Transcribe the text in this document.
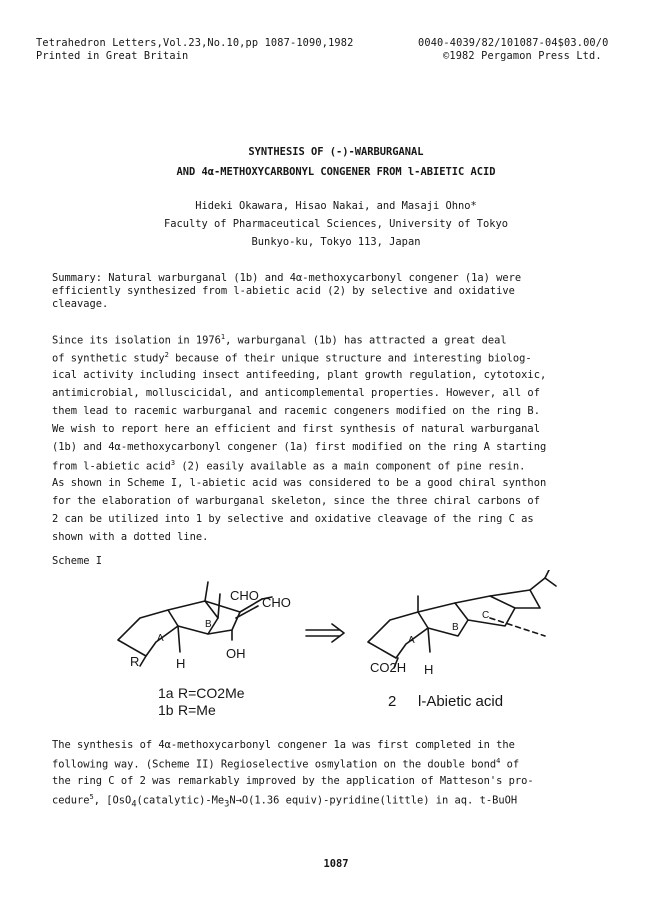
Tetrahedron Letters,Vol.23,No.10,pp 1087-1090,1982	0040-4039/82/101087-04$03.00/0
Printed in Great Britain	©1982 Pergamon Press Ltd.
SYNTHESIS OF (-)-WARBURGANAL
AND 4α-METHOXYCARBONYL CONGENER FROM l-ABIETIC ACID
Hideki Okawara, Hisao Nakai, and Masaji Ohno*
Faculty of Pharmaceutical Sciences, University of Tokyo
Bunkyo-ku, Tokyo 113, Japan
Summary: Natural warburganal (1b) and 4α-methoxycarbonyl congener (1a) were
efficiently synthesized from l-abietic acid (2) by selective and oxidative
cleavage.
Since its isolation in 1976$^1$, warburganal (1b) has attracted a great deal
of synthetic study$^2$ because of their unique structure and interesting biolog-
ical activity including insect antifeeding, plant growth regulation, cytotoxic,
antimicrobial, molluscicidal, and anticomplemental properties. However, all of
them lead to racemic warburganal and racemic congeners modified on the ring B.
We wish to report here an efficient and first synthesis of natural warburganal
(1b) and 4α-methoxycarbonyl congener (1a) first modified on the ring A starting
from l-abietic acid$^3$ (2) easily available as a main component of pine resin.
As shown in Scheme I, l-abietic acid was considered to be a good chiral synthon
for the elaboration of warburganal skeleton, since the three chiral carbons of
2 can be utilized into 1 by selective and oxidative cleavage of the ring C as
shown with a dotted line.
Scheme I
CHO CHO
A
B
R	H
OH
A
B
C
CO2H H
1a R=CO2Me
1b R=Me	2 l-Abietic acid
The synthesis of 4α-methoxycarbonyl congener 1a was first completed in the
following way. (Scheme II) Regioselective osmylation on the double bond$^4$ of
the ring C of 2 was remarkably improved by the application of Matteson's pro-
cedure$^5$, [$OsO_4(catalytic)-Me_3N\to O(1.36$ equiv)-pyridine(little) in aq. t-BuOH
1087
